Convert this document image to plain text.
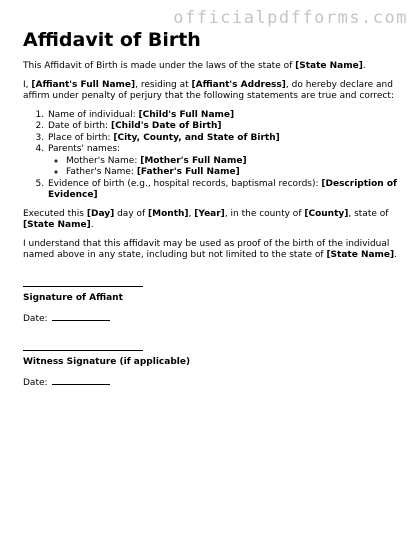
officialpdfforms.com
Affidavit of Birth

This Affidavit of Birth is made under the laws of the state of [State Name].

I, [Affiant's Full Name], residing at [Affiant's Address], do hereby declare and affirm under penalty of perjury that the following statements are true and correct:

1. Name of individual: [Child's Full Name]
2. Date of birth: [Child's Date of Birth]
3. Place of birth: [City, County, and State of Birth]
4. Parents' names:
◦ Mother's Name: [Mother's Full Name]
◦ Father's Name: [Father's Full Name]
5. Evidence of birth (e.g., hospital records, baptismal records): [Description of Evidence]

Executed this [Day] day of [Month], [Year], in the county of [County], state of [State Name].

I understand that this affidavit may be used as proof of the birth of the individual named above in any state, including but not limited to the state of [State Name].

Signature of Affiant
Date:
Witness Signature (if applicable)
Date:
